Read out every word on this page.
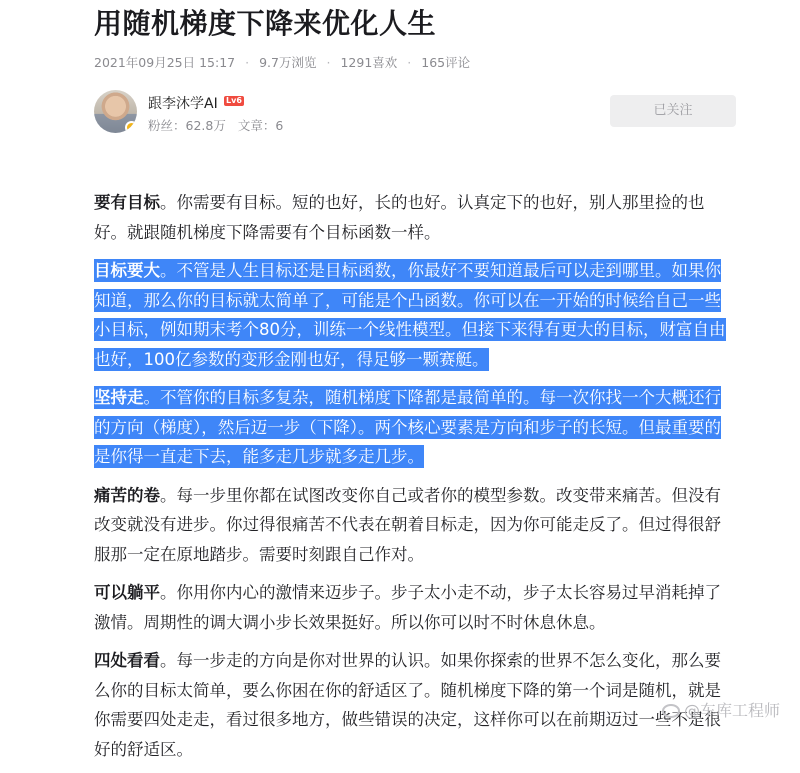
用随机梯度下降来优化人生
2021年09月25日 15:17 · 9.7万浏览 · 1291喜欢 · 165评论
跟李沐学AI Lv6
粉丝：62.8万 文章：6
已关注

要有目标。你需要有目标。短的也好，长的也好。认真定下的也好，别人那里捡的也好。就跟随机梯度下降需要有个目标函数一样。

目标要大。不管是人生目标还是目标函数，你最好不要知道最后可以走到哪里。如果你知道，那么你的目标就太简单了，可能是个凸函数。你可以在一开始的时候给自己一些小目标，例如期末考个80分，训练一个线性模型。但接下来得有更大的目标，财富自由也好，100亿参数的变形金刚也好，得足够一颗赛艇。

坚持走。不管你的目标多复杂，随机梯度下降都是最简单的。每一次你找一个大概还行的方向（梯度），然后迈一步（下降）。两个核心要素是方向和步子的长短。但最重要的是你得一直走下去，能多走几步就多走几步。

痛苦的卷。每一步里你都在试图改变你自己或者你的模型参数。改变带来痛苦。但没有改变就没有进步。你过得很痛苦不代表在朝着目标走，因为你可能走反了。但过得很舒服那一定在原地踏步。需要时刻跟自己作对。

可以躺平。你用你内心的激情来迈步子。步子太小走不动，步子太长容易过早消耗掉了激情。周期性的调大调小步长效果挺好。所以你可以时不时休息休息。

四处看看。每一步走的方向是你对世界的认识。如果你探索的世界不怎么变化，那么要么你的目标太简单，要么你困在你的舒适区了。随机梯度下降的第一个词是随机，就是你需要四处走走，看过很多地方，做些错误的决定，这样你可以在前期迈过一些不是很好的舒适区。

@车库工程师
